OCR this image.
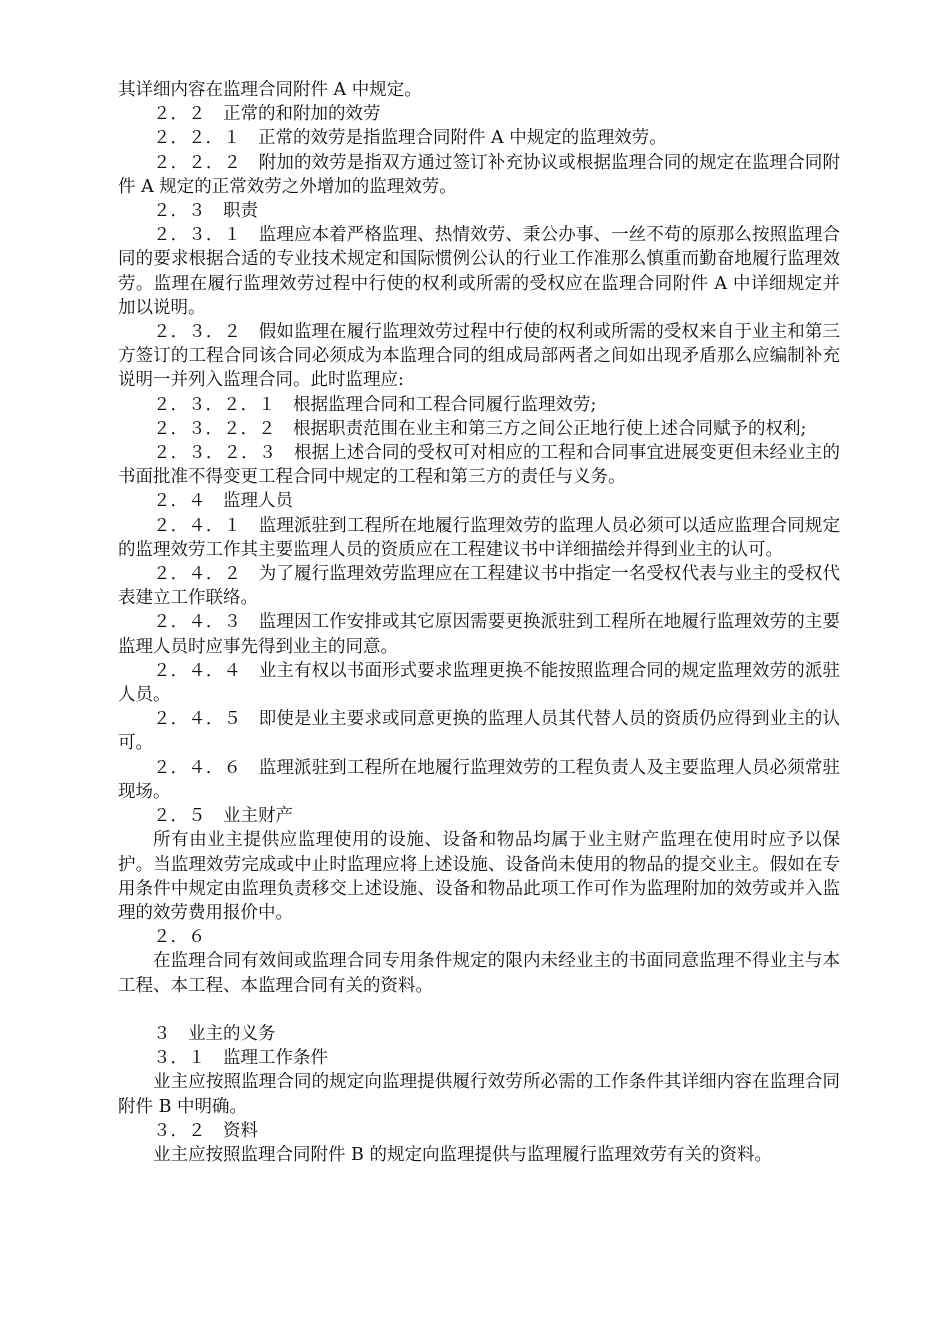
其详细内容在监理合同附件 A 中规定。

２．２　正常的和附加的效劳

２．２．１　正常的效劳是指监理合同附件 A 中规定的监理效劳。

２．２．２　附加的效劳是指双方通过签订补充协议或根据监理合同的规定在监理合同附件 A 规定的正常效劳之外增加的监理效劳。

２．３　职责

２．３．１　监理应本着严格监理、热情效劳、秉公办事、一丝不苟的原那么按照监理合同的要求根据合适的专业技术规定和国际惯例公认的行业工作准那么慎重而勤奋地履行监理效劳。监理在履行监理效劳过程中行使的权利或所需的受权应在监理合同附件 A 中详细规定并加以说明。

２．３．２　假如监理在履行监理效劳过程中行使的权利或所需的受权来自于业主和第三方签订的工程合同该合同必须成为本监理合同的组成局部两者之间如出现矛盾那么应编制补充说明一并列入监理合同。此时监理应:

２．３．２．１　根据监理合同和工程合同履行监理效劳;

２．３．２．２　根据职责范围在业主和第三方之间公正地行使上述合同赋予的权利;

２．３．２．３　根据上述合同的受权可对相应的工程和合同事宜进展变更但未经业主的书面批准不得变更工程合同中规定的工程和第三方的责任与义务。

２．４　监理人员

２．４．１　监理派驻到工程所在地履行监理效劳的监理人员必须可以适应监理合同规定的监理效劳工作其主要监理人员的资质应在工程建议书中详细描绘并得到业主的认可。

２．４．２　为了履行监理效劳监理应在工程建议书中指定一名受权代表与业主的受权代表建立工作联络。

２．４．３　监理因工作安排或其它原因需要更换派驻到工程所在地履行监理效劳的主要监理人员时应事先得到业主的同意。

２．４．４　业主有权以书面形式要求监理更换不能按照监理合同的规定监理效劳的派驻人员。

２．４．５　即使是业主要求或同意更换的监理人员其代替人员的资质仍应得到业主的认可。

２．４．６　监理派驻到工程所在地履行监理效劳的工程负责人及主要监理人员必须常驻现场。

２．５　业主财产

所有由业主提供应监理使用的设施、设备和物品均属于业主财产监理在使用时应予以保护。当监理效劳完成或中止时监理应将上述设施、设备尚未使用的物品的提交业主。假如在专用条件中规定由监理负责移交上述设施、设备和物品此项工作可作为监理附加的效劳或并入监理的效劳费用报价中。

２．６

在监理合同有效间或监理合同专用条件规定的限内未经业主的书面同意监理不得业主与本工程、本工程、本监理合同有关的资料。

３　业主的义务

３．１　监理工作条件

业主应按照监理合同的规定向监理提供履行效劳所必需的工作条件其详细内容在监理合同附件 B 中明确。

３．２　资料

业主应按照监理合同附件 B 的规定向监理提供与监理履行监理效劳有关的资料。
